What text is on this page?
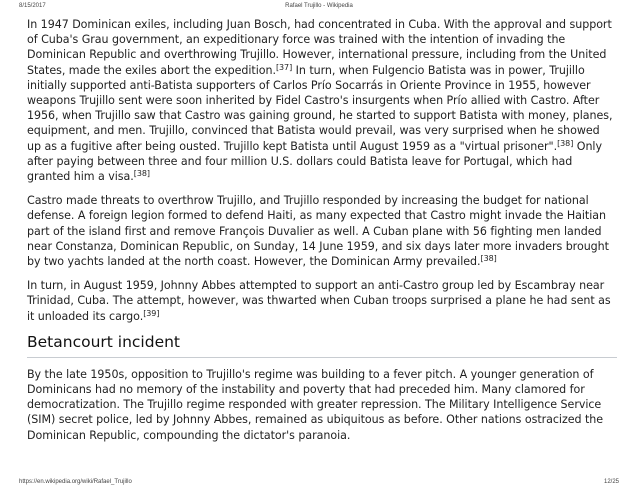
8/15/2017	Rafael Trujillo - Wikipedia

In 1947 Dominican exiles, including Juan Bosch, had concentrated in Cuba. With the approval and support of Cuba's Grau government, an expeditionary force was trained with the intention of invading the Dominican Republic and overthrowing Trujillo. However, international pressure, including from the United States, made the exiles abort the expedition.[37] In turn, when Fulgencio Batista was in power, Trujillo initially supported anti-Batista supporters of Carlos Prío Socarrás in Oriente Province in 1955, however weapons Trujillo sent were soon inherited by Fidel Castro's insurgents when Prío allied with Castro. After 1956, when Trujillo saw that Castro was gaining ground, he started to support Batista with money, planes, equipment, and men. Trujillo, convinced that Batista would prevail, was very surprised when he showed up as a fugitive after being ousted. Trujillo kept Batista until August 1959 as a "virtual prisoner".[38] Only after paying between three and four million U.S. dollars could Batista leave for Portugal, which had granted him a visa.[38]

Castro made threats to overthrow Trujillo, and Trujillo responded by increasing the budget for national defense. A foreign legion formed to defend Haiti, as many expected that Castro might invade the Haitian part of the island first and remove François Duvalier as well. A Cuban plane with 56 fighting men landed near Constanza, Dominican Republic, on Sunday, 14 June 1959, and six days later more invaders brought by two yachts landed at the north coast. However, the Dominican Army prevailed.[38]

In turn, in August 1959, Johnny Abbes attempted to support an anti-Castro group led by Escambray near Trinidad, Cuba. The attempt, however, was thwarted when Cuban troops surprised a plane he had sent as it unloaded its cargo.[39]

Betancourt incident

By the late 1950s, opposition to Trujillo's regime was building to a fever pitch. A younger generation of Dominicans had no memory of the instability and poverty that had preceded him. Many clamored for democratization. The Trujillo regime responded with greater repression. The Military Intelligence Service (SIM) secret police, led by Johnny Abbes, remained as ubiquitous as before. Other nations ostracized the Dominican Republic, compounding the dictator's paranoia.

https://en.wikipedia.org/wiki/Rafael_Trujillo	12/25
